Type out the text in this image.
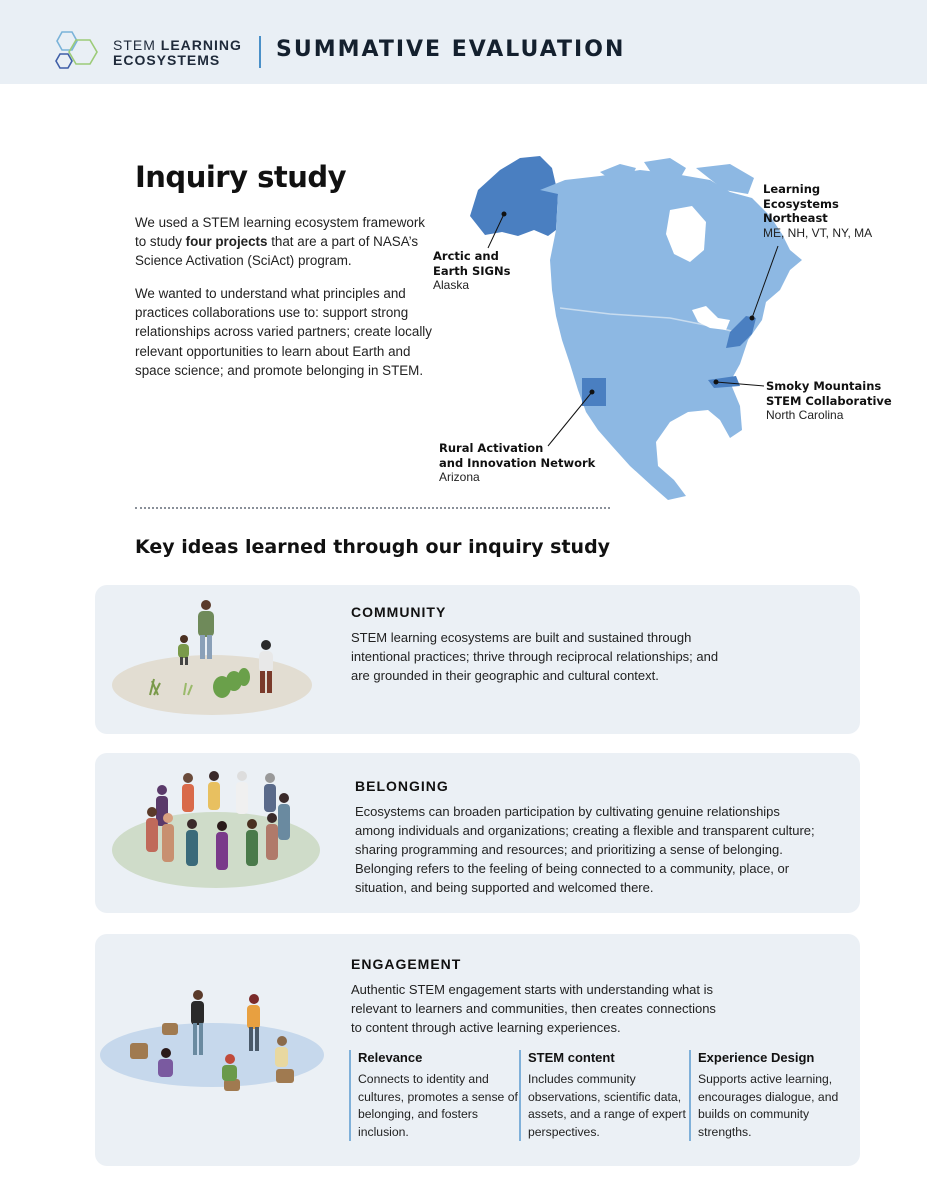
STEM LEARNING
ECOSYSTEMS	SUMMATIVE EVALUATION
Inquiry study

We used a STEM learning ecosystem framework to study four projects that are a part of NASA’s Science Activation (SciAct) program.

We wanted to understand what principles and practices collaborations use to: support strong relationships across varied partners; create locally relevant opportunities to learn about Earth and space science; and promote belonging in STEM.

Learning
Ecosystems
Northeast
ME, NH, VT, NY, MA
Arctic and
Earth SIGNs
Alaska
Smoky Mountains
STEM Collaborative
North Carolina
Rural Activation
and Innovation Network
Arizona
Key ideas learned through our inquiry study
COMMUNITY

STEM learning ecosystems are built and sustained through intentional practices; thrive through reciprocal relationships; and are grounded in their geographic and cultural context.

BELONGING

Ecosystems can broaden participation by cultivating genuine relationships among individuals and organizations; creating a flexible and transparent culture; sharing programming and resources; and prioritizing a sense of belonging. Belonging refers to the feeling of being connected to a community, place, or situation, and being supported and welcomed there.

ENGAGEMENT

Authentic STEM engagement starts with understanding what is relevant to learners and communities, then creates connections to content through active learning experiences.

Relevance
Connects to identity and cultures, promotes a sense of belonging, and fosters inclusion.
STEM content
Includes community observations, scientific data, assets, and a range of expert perspectives.
Experience Design
Supports active learning, encourages dialogue, and builds on community strengths.
